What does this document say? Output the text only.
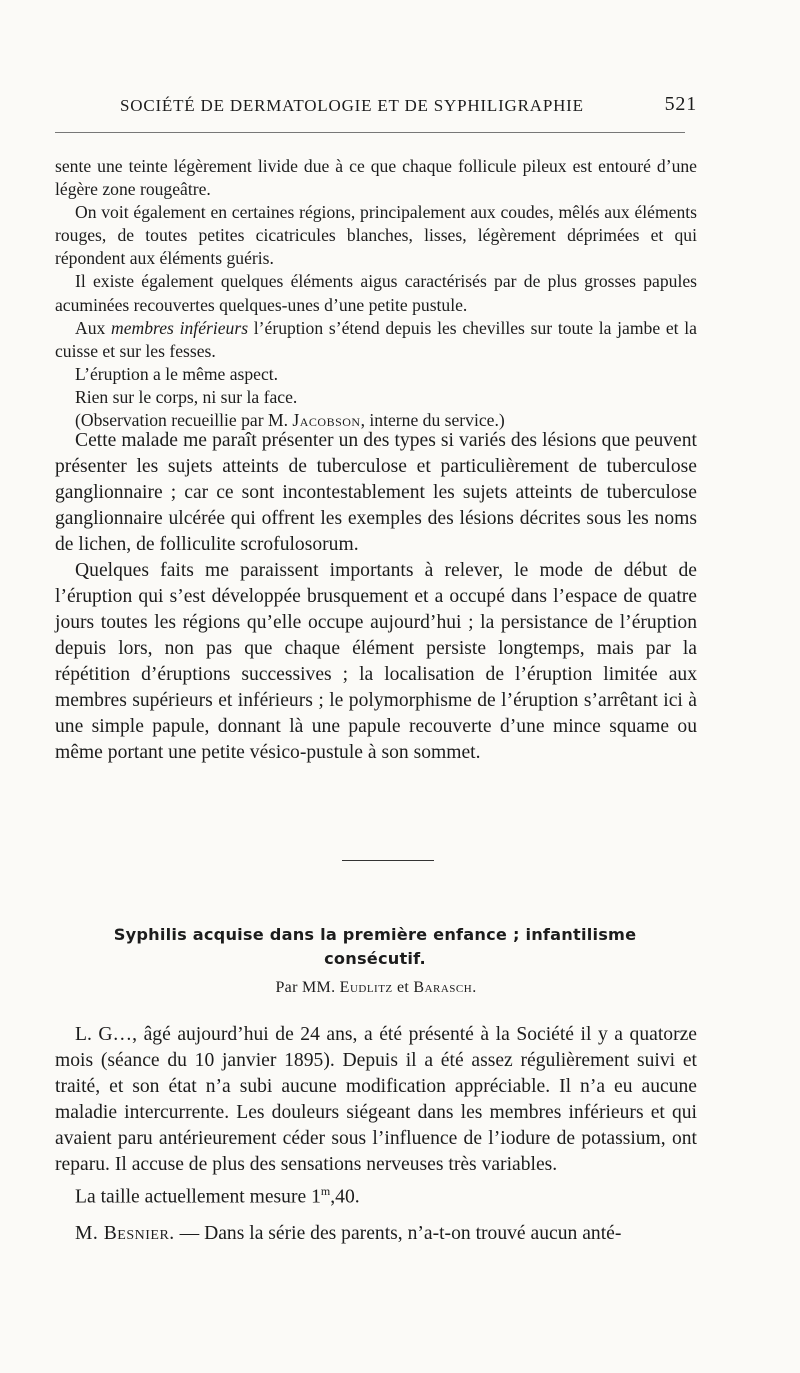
SOCIÉTÉ DE DERMATOLOGIE ET DE SYPHILIGRAPHIE	521

sente une teinte légèrement livide due à ce que chaque follicule pileux est entouré d’une légère zone rougeâtre.

On voit également en certaines régions, principalement aux coudes, mêlés aux éléments rouges, de toutes petites cicatricules blanches, lisses, légèrement déprimées et qui répondent aux éléments guéris.

Il existe également quelques éléments aigus caractérisés par de plus grosses papules acuminées recouvertes quelques-unes d’une petite pustule.

Aux membres inférieurs l’éruption s’étend depuis les chevilles sur toute la jambe et la cuisse et sur les fesses.

L’éruption a le même aspect.

Rien sur le corps, ni sur la face.

(Observation recueillie par M. Jacobson, interne du service.)

Cette malade me paraît présenter un des types si variés des lésions que peuvent présenter les sujets atteints de tuberculose et particulièrement de tuberculose ganglionnaire ; car ce sont incontestablement les sujets atteints de tuberculose ganglionnaire ulcérée qui offrent les exemples des lésions décrites sous les noms de lichen, de folliculite scrofulosorum.

Quelques faits me paraissent importants à relever, le mode de début de l’éruption qui s’est développée brusquement et a occupé dans l’espace de quatre jours toutes les régions qu’elle occupe aujourd’hui ; la persistance de l’éruption depuis lors, non pas que chaque élément persiste longtemps, mais par la répétition d’éruptions successives ; la localisation de l’éruption limitée aux membres supérieurs et inférieurs ; le polymorphisme de l’éruption s’arrêtant ici à une simple papule, donnant là une papule recouverte d’une mince squame ou même portant une petite vésico-pustule à son sommet.

Syphilis acquise dans la première enfance ; infantilisme consécutif.
Par MM. Eudlitz et Barasch.

L. G…, âgé aujourd’hui de 24 ans, a été présenté à la Société il y a quatorze mois (séance du 10 janvier 1895). Depuis il a été assez régulièrement suivi et traité, et son état n’a subi aucune modification appréciable. Il n’a eu aucune maladie intercurrente. Les douleurs siégeant dans les membres inférieurs et qui avaient paru antérieurement céder sous l’influence de l’iodure de potassium, ont reparu. Il accuse de plus des sensations nerveuses très variables.

La taille actuellement mesure 1$^m$,40.

M. Besnier. — Dans la série des parents, n’a-t-on trouvé aucun anté-
